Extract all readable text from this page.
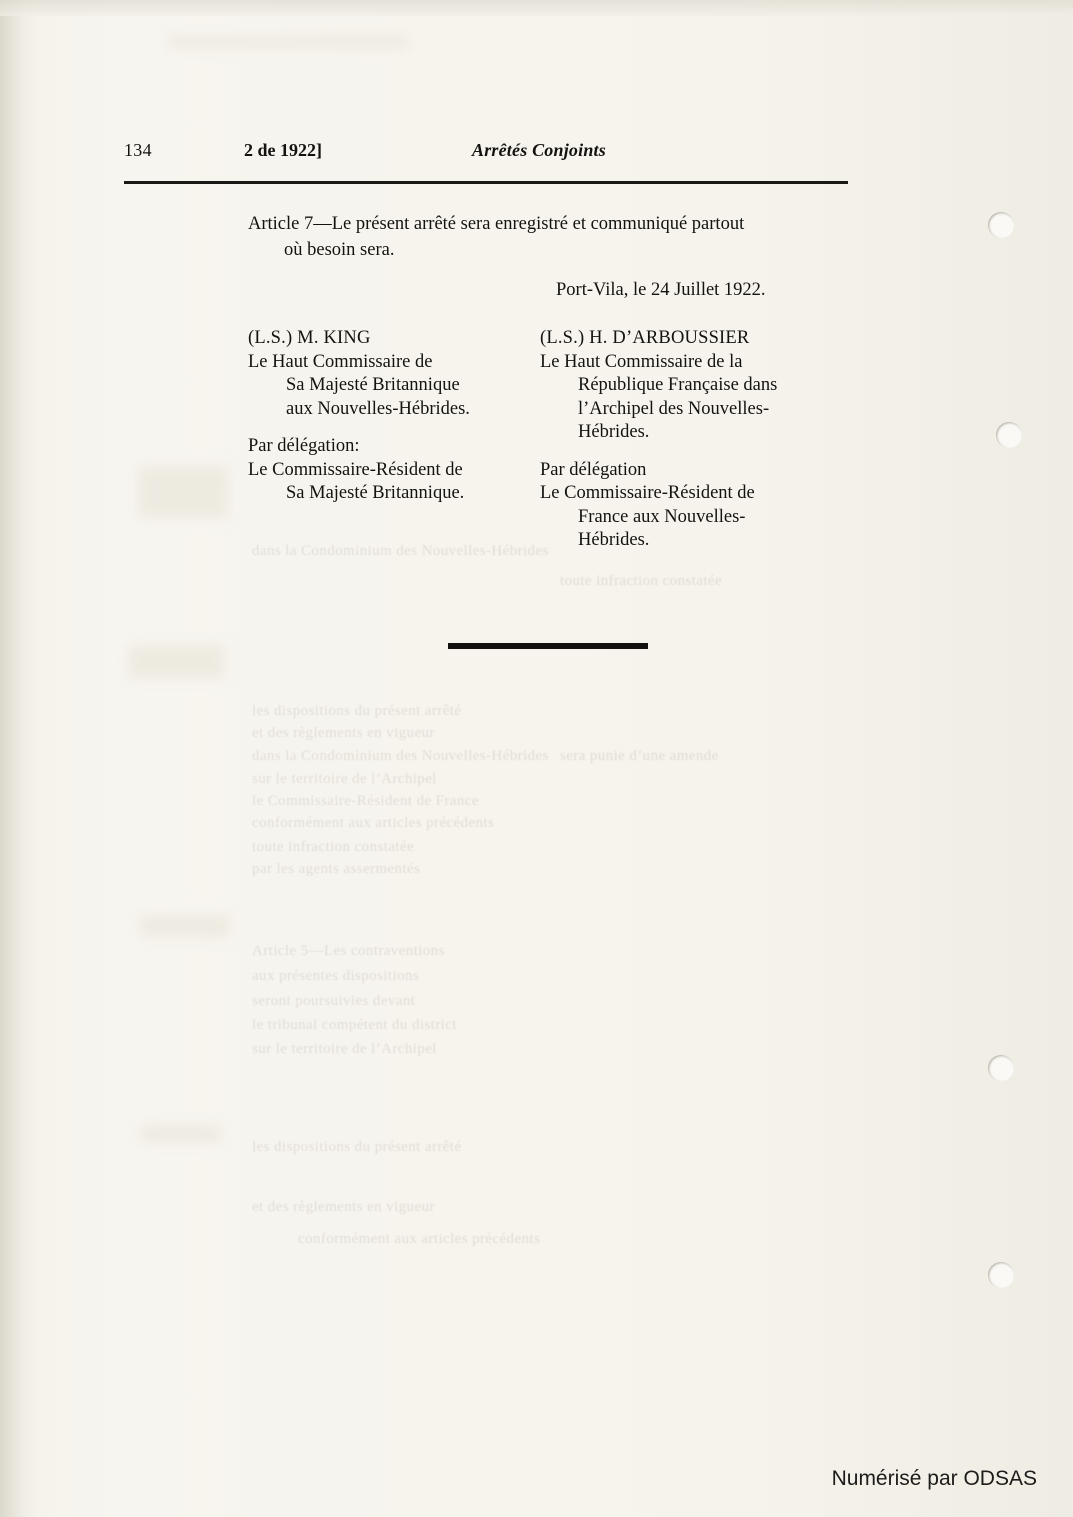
134	2 de 1922]	Arrêtés Conjoints
Article 7—Le présent arrêté sera enregistré et communiqué partout
où besoin sera.
Port-Vila, le 24 Juillet 1922.
(L.S.) M. KING
Le Haut Commissaire de
Sa Majesté Britannique
aux Nouvelles-Hébrides.
Par délégation:
Le Commissaire-Résident de
Sa Majesté Britannique.
(L.S.) H. D’ARBOUSSIER
Le Haut Commissaire de la
République Française dans
l’Archipel des Nouvelles-
Hébrides.
Par délégation
Le Commissaire-Résident de
France aux Nouvelles-
Hébrides.
les dispositions du présent arrêté
et des règlements en vigueur
dans la Condominium des Nouvelles-Hébrides
sur le territoire de l’Archipel
le Commissaire-Résident de France
conformément aux articles précédents
toute infraction constatée
par les agents assermentés
sera punie d’une amende
Article 5—Les contraventions
aux présentes dispositions
seront poursuivies devant
le tribunal compétent du district
sur le territoire de l’Archipel
et des règlements en vigueur
conformément aux articles précédents
les dispositions du présent arrêté
toute infraction constatée
dans la Condominium des Nouvelles-Hébrides
Numérisé par ODSAS
